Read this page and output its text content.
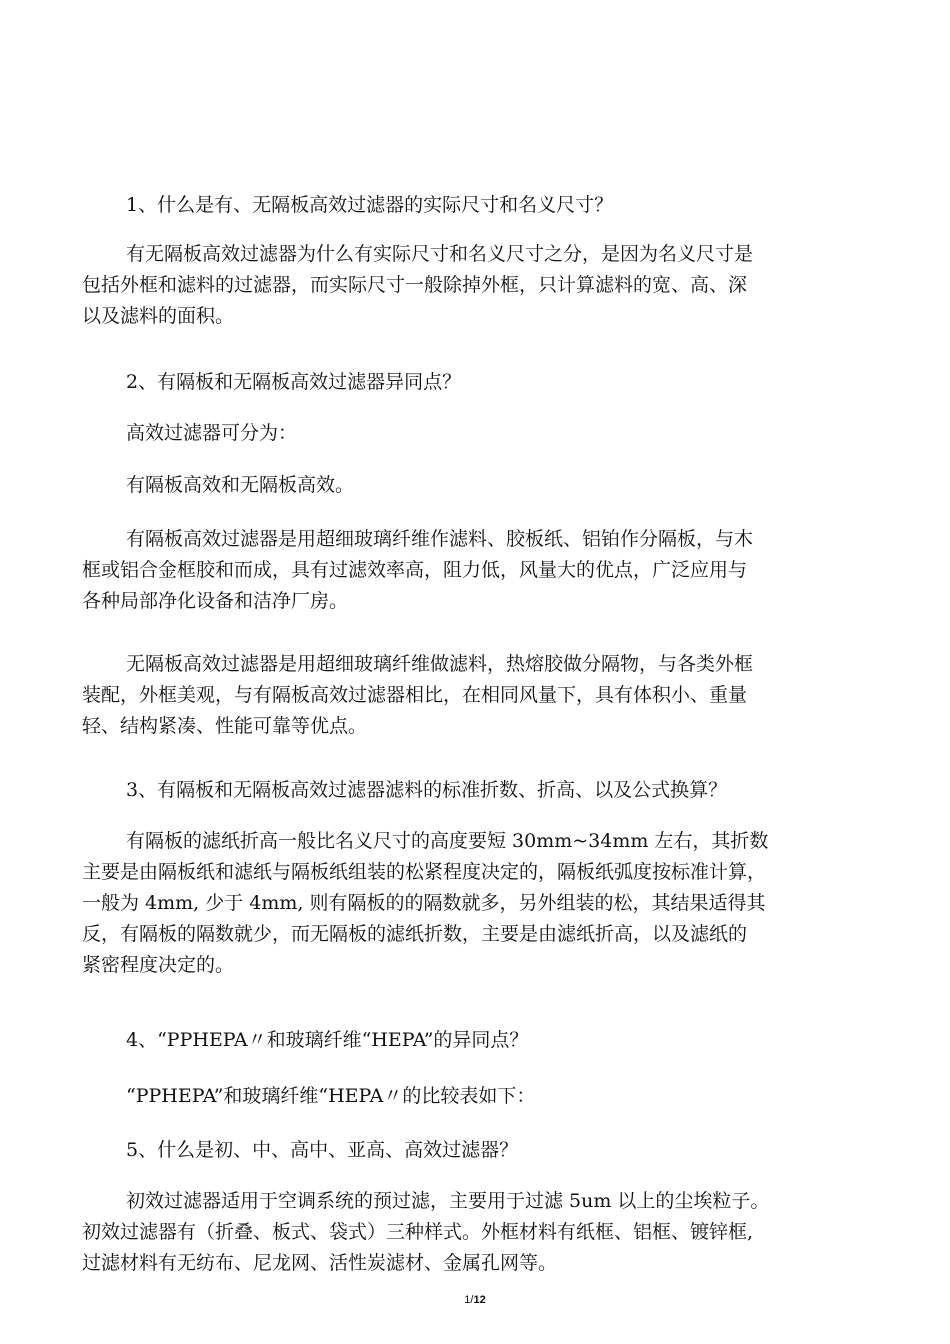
1、什么是有、无隔板高效过滤器的实际尺寸和名义尺寸？

有无隔板高效过滤器为什么有实际尺寸和名义尺寸之分，是因为名义尺寸是
包括外框和滤料的过滤器，而实际尺寸一般除掉外框，只计算滤料的宽、高、深
以及滤料的面积。

2、有隔板和无隔板高效过滤器异同点？

高效过滤器可分为：

有隔板高效和无隔板高效。

有隔板高效过滤器是用超细玻璃纤维作滤料、胶板纸、铝铂作分隔板，与木
框或铝合金框胶和而成，具有过滤效率高，阻力低，风量大的优点，广泛应用与
各种局部净化设备和洁净厂房。

无隔板高效过滤器是用超细玻璃纤维做滤料，热熔胶做分隔物，与各类外框
装配，外框美观，与有隔板高效过滤器相比，在相同风量下，具有体积小、重量
轻、结构紧凑、性能可靠等优点。

3、有隔板和无隔板高效过滤器滤料的标准折数、折高、以及公式换算？

有隔板的滤纸折高一般比名义尺寸的高度要短 30mm~34mm 左右，其折数
主要是由隔板纸和滤纸与隔板纸组装的松紧程度决定的，隔板纸弧度按标准计算，
一般为 4mm, 少于 4mm, 则有隔板的的隔数就多，另外组装的松，其结果适得其
反，有隔板的隔数就少，而无隔板的滤纸折数，主要是由滤纸折高，以及滤纸的
紧密程度决定的。

4、“PPHEPA〃和玻璃纤维“HEPA”的异同点？

“PPHEPA”和玻璃纤维“HEPA〃的比较表如下：

5、什么是初、中、高中、亚高、高效过滤器？

初效过滤器适用于空调系统的预过滤，主要用于过滤 5um 以上的尘埃粒子。
初效过滤器有（折叠、板式、袋式）三种样式。外框材料有纸框、铝框、镀锌框,
过滤材料有无纺布、尼龙网、活性炭滤材、金属孔网等。

1/12
